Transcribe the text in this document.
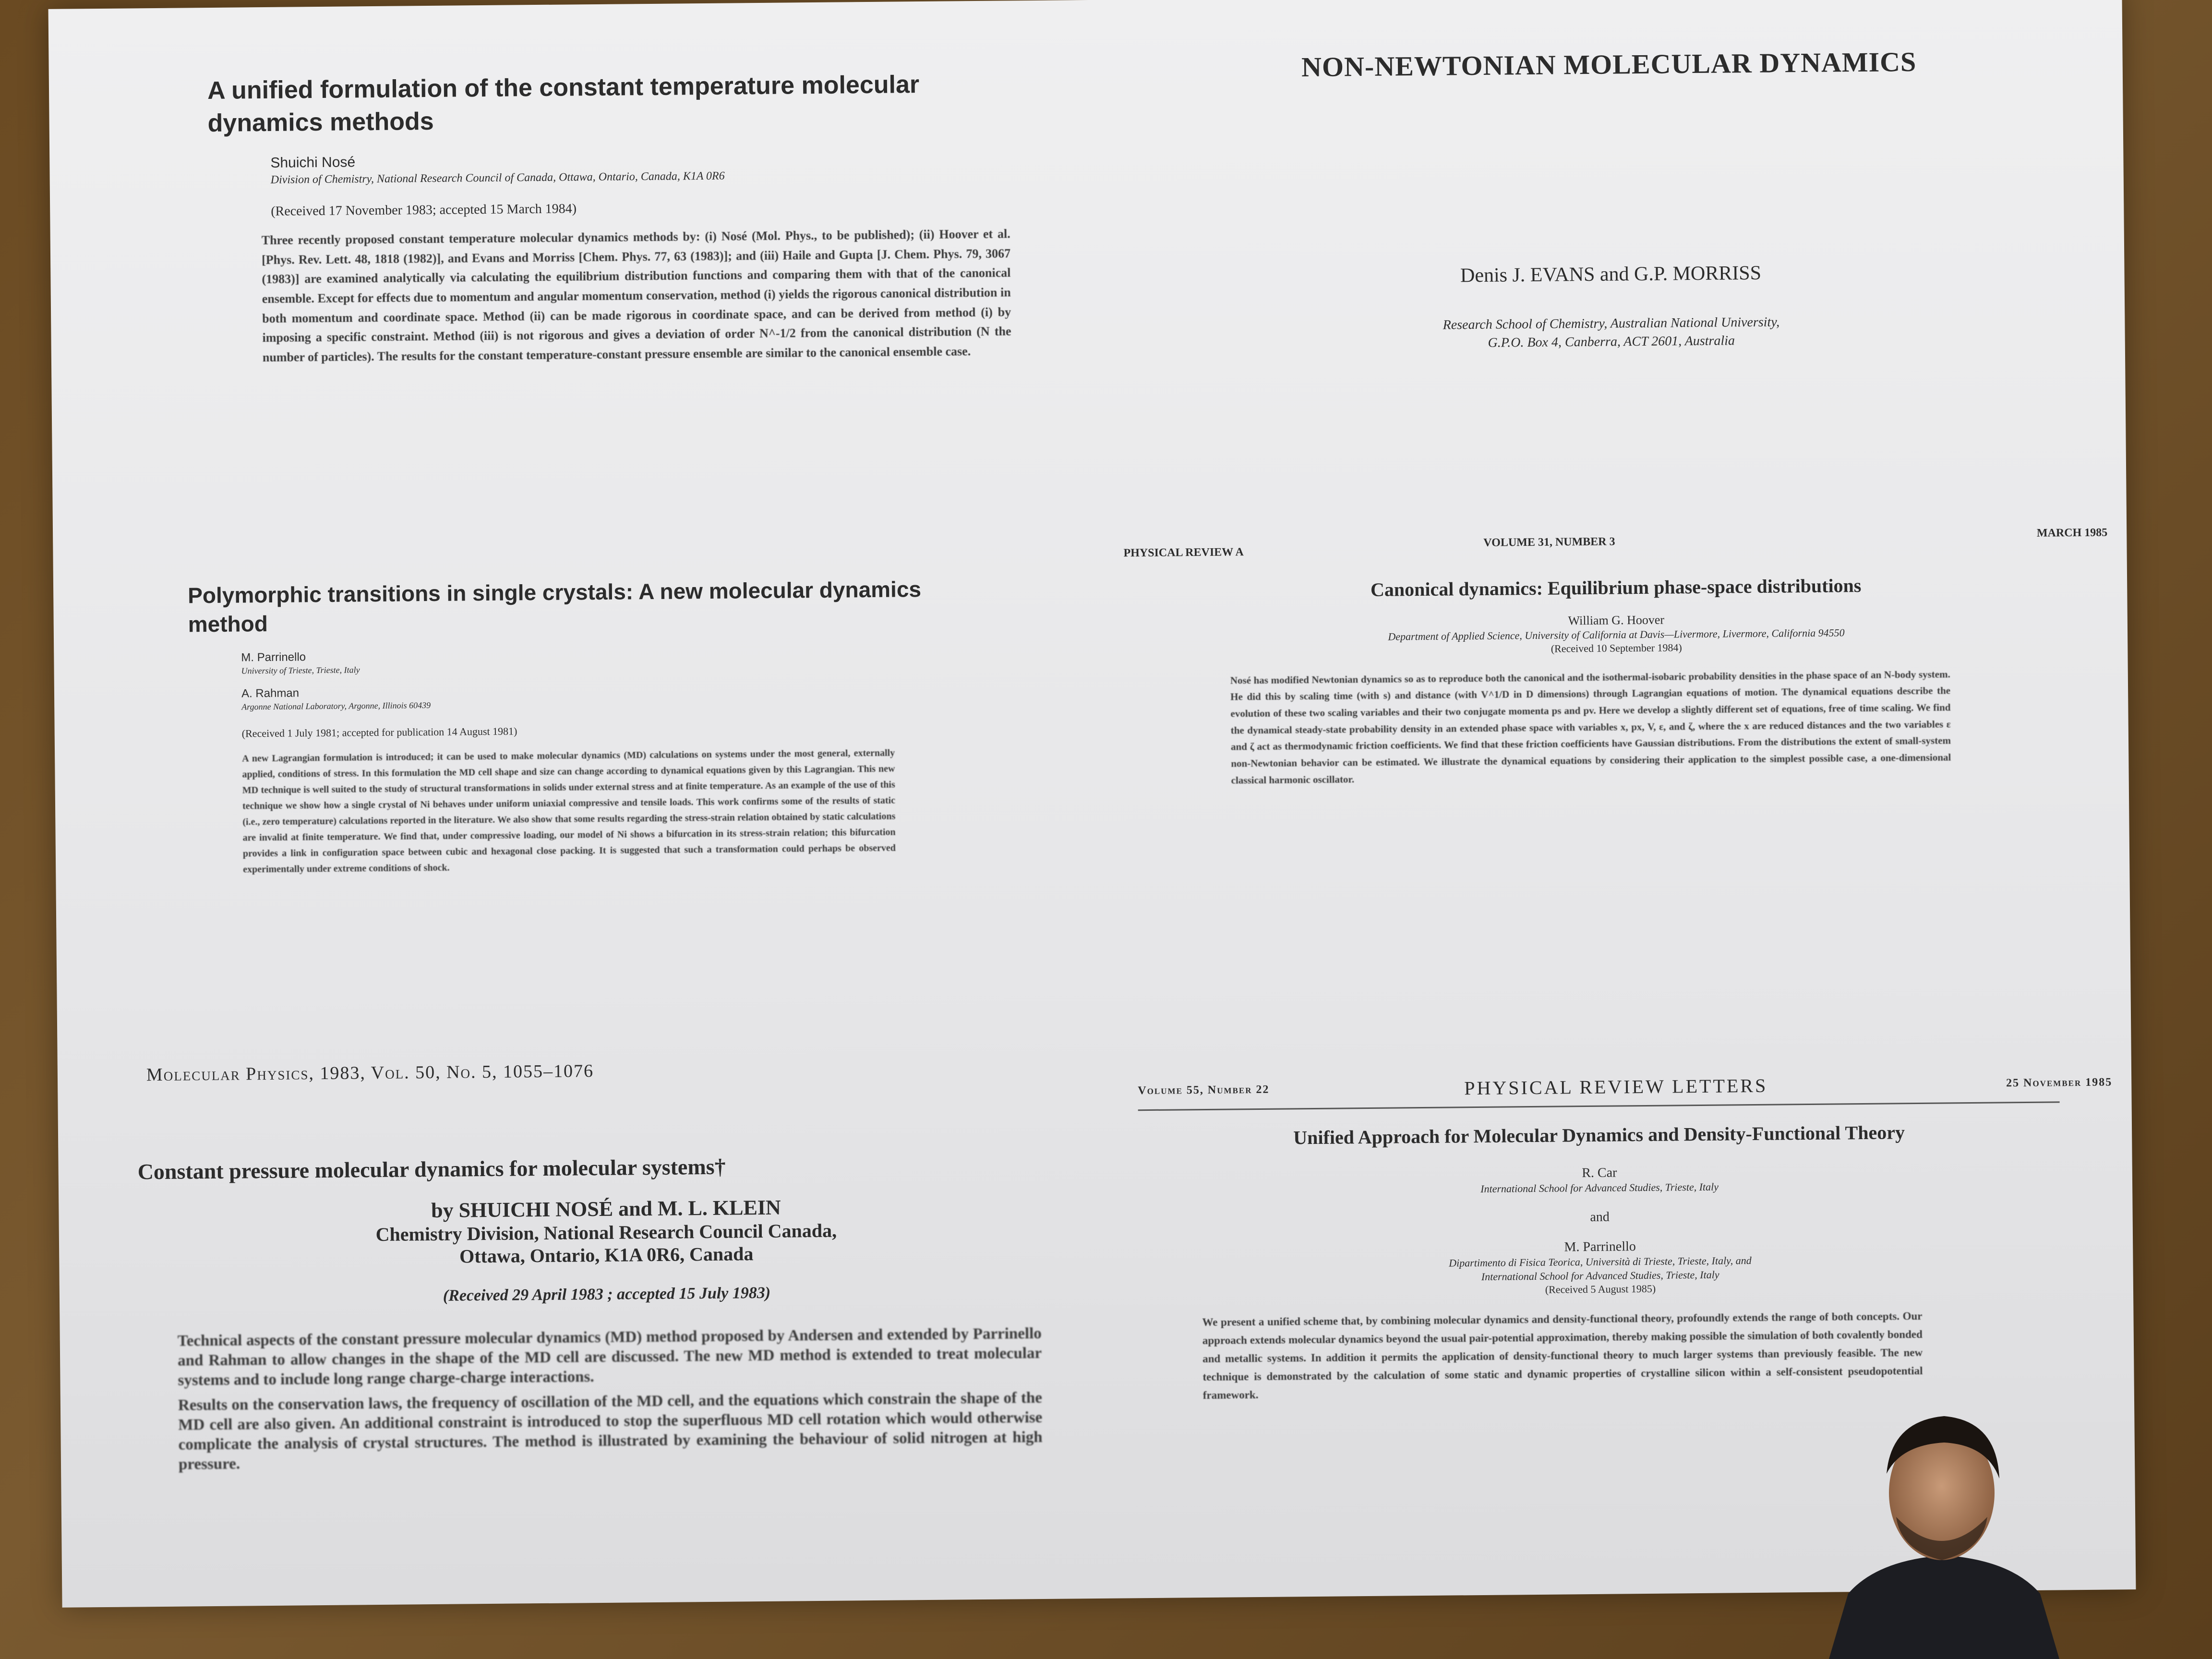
A unified formulation of the constant temperature molecular dynamics methods
Shuichi Nosé
Division of Chemistry, National Research Council of Canada, Ottawa, Ontario, Canada, K1A 0R6
(Received 17 November 1983; accepted 15 March 1984)
Three recently proposed constant temperature molecular dynamics methods by: (i) Nosé (Mol. Phys., to be published); (ii) Hoover et al. [Phys. Rev. Lett. 48, 1818 (1982)], and Evans and Morriss [Chem. Phys. 77, 63 (1983)]; and (iii) Haile and Gupta [J. Chem. Phys. 79, 3067 (1983)] are examined analytically via calculating the equilibrium distribution functions and comparing them with that of the canonical ensemble. Except for effects due to momentum and angular momentum conservation, method (i) yields the rigorous canonical distribution in both momentum and coordinate space. Method (ii) can be made rigorous in coordinate space, and can be derived from method (i) by imposing a specific constraint. Method (iii) is not rigorous and gives a deviation of order N^-1/2 from the canonical distribution (N the number of particles). The results for the constant temperature-constant pressure ensemble are similar to the canonical ensemble case.
Polymorphic transitions in single crystals: A new molecular dynamics method
M. Parrinello
University of Trieste, Trieste, Italy
A. Rahman
Argonne National Laboratory, Argonne, Illinois 60439
(Received 1 July 1981; accepted for publication 14 August 1981)
A new Lagrangian formulation is introduced; it can be used to make molecular dynamics (MD) calculations on systems under the most general, externally applied, conditions of stress. In this formulation the MD cell shape and size can change according to dynamical equations given by this Lagrangian. This new MD technique is well suited to the study of structural transformations in solids under external stress and at finite temperature. As an example of the use of this technique we show how a single crystal of Ni behaves under uniform uniaxial compressive and tensile loads. This work confirms some of the results of static (i.e., zero temperature) calculations reported in the literature. We also show that some results regarding the stress-strain relation obtained by static calculations are invalid at finite temperature. We find that, under compressive loading, our model of Ni shows a bifurcation in its stress-strain relation; this bifurcation provides a link in configuration space between cubic and hexagonal close packing. It is suggested that such a transformation could perhaps be observed experimentally under extreme conditions of shock.
Molecular Physics, 1983, Vol. 50, No. 5, 1055–1076
Constant pressure molecular dynamics for molecular systems†
by SHUICHI NOSÉ and M. L. KLEIN
Chemistry Division, National Research Council Canada,
Ottawa, Ontario, K1A 0R6, Canada
(Received 29 April 1983 ; accepted 15 July 1983)
Technical aspects of the constant pressure molecular dynamics (MD) method proposed by Andersen and extended by Parrinello and Rahman to allow changes in the shape of the MD cell are discussed. The new MD method is extended to treat molecular systems and to include long range charge-charge interactions.
Results on the conservation laws, the frequency of oscillation of the MD cell, and the equations which constrain the shape of the MD cell are also given. An additional constraint is introduced to stop the superfluous MD cell rotation which would otherwise complicate the analysis of crystal structures. The method is illustrated by examining the behaviour of solid nitrogen at high pressure.
NON-NEWTONIAN MOLECULAR DYNAMICS
Denis J. EVANS and G.P. MORRISS
Research School of Chemistry, Australian National University,
G.P.O. Box 4, Canberra, ACT 2601, Australia
PHYSICAL REVIEW A
VOLUME 31, NUMBER 3
MARCH 1985
Canonical dynamics: Equilibrium phase-space distributions
William G. Hoover
Department of Applied Science, University of California at Davis—Livermore, Livermore, California 94550
(Received 10 September 1984)
Nosé has modified Newtonian dynamics so as to reproduce both the canonical and the isothermal-isobaric probability densities in the phase space of an N-body system. He did this by scaling time (with s) and distance (with V^1/D in D dimensions) through Lagrangian equations of motion. The dynamical equations describe the evolution of these two scaling variables and their two conjugate momenta ps and pv. Here we develop a slightly different set of equations, free of time scaling. We find the dynamical steady-state probability density in an extended phase space with variables x, px, V, ε, and ζ, where the x are reduced distances and the two variables ε and ζ act as thermodynamic friction coefficients. We find that these friction coefficients have Gaussian distributions. From the distributions the extent of small-system non-Newtonian behavior can be estimated. We illustrate the dynamical equations by considering their application to the simplest possible case, a one-dimensional classical harmonic oscillator.
Volume 55, Number 22	PHYSICAL REVIEW LETTERS	25 November 1985
Unified Approach for Molecular Dynamics and Density-Functional Theory
R. Car
International School for Advanced Studies, Trieste, Italy
and
M. Parrinello
Dipartimento di Fisica Teorica, Università di Trieste, Trieste, Italy, and
International School for Advanced Studies, Trieste, Italy
(Received 5 August 1985)
We present a unified scheme that, by combining molecular dynamics and density-functional theory, profoundly extends the range of both concepts. Our approach extends molecular dynamics beyond the usual pair-potential approximation, thereby making possible the simulation of both covalently bonded and metallic systems. In addition it permits the application of density-functional theory to much larger systems than previously feasible. The new technique is demonstrated by the calculation of some static and dynamic properties of crystalline silicon within a self-consistent pseudopotential framework.
